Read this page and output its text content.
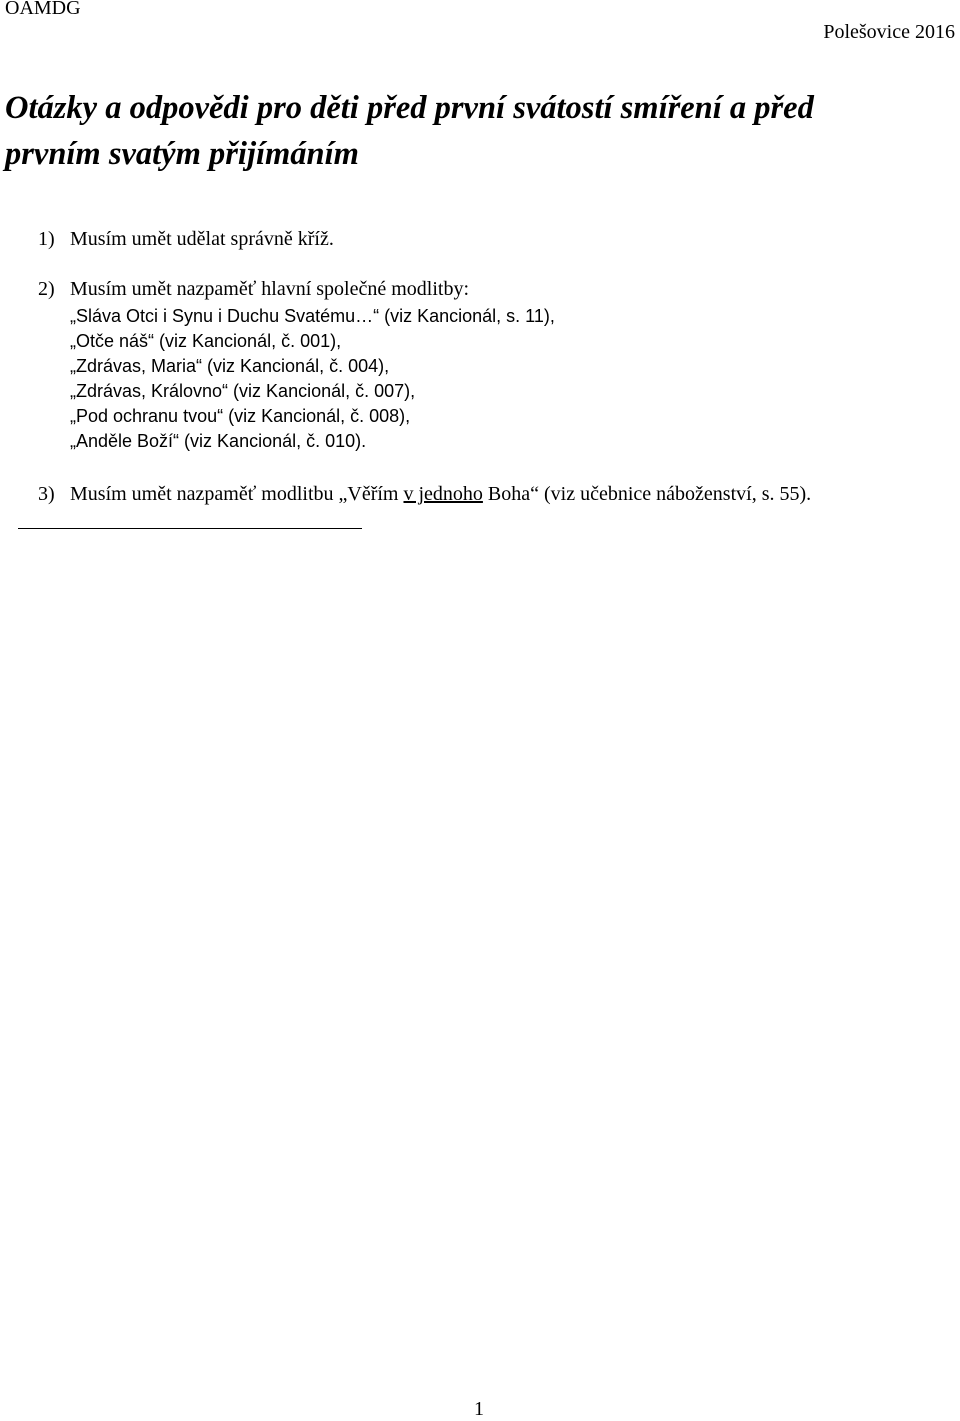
OAMDG
Polešovice 2016
Otázky a odpovědi pro děti před první svátostí smíření a před
prvním svatým přijímáním
1) Musím umět udělat správně kříž.
2) Musím umět nazpaměť hlavní společné modlitby:
„Sláva Otci i Synu i Duchu Svatému…“ (viz Kancionál, s. 11),
„Otče náš“ (viz Kancionál, č. 001),
„Zdrávas, Maria“ (viz Kancionál, č. 004),
„Zdrávas, Královno“ (viz Kancionál, č. 007),
„Pod ochranu tvou“ (viz Kancionál, č. 008),
„Anděle Boží“ (viz Kancionál, č. 010).
3) Musím umět nazpaměť modlitbu „Věřím v jednoho Boha“ (viz učebnice náboženství, s. 55).
1
